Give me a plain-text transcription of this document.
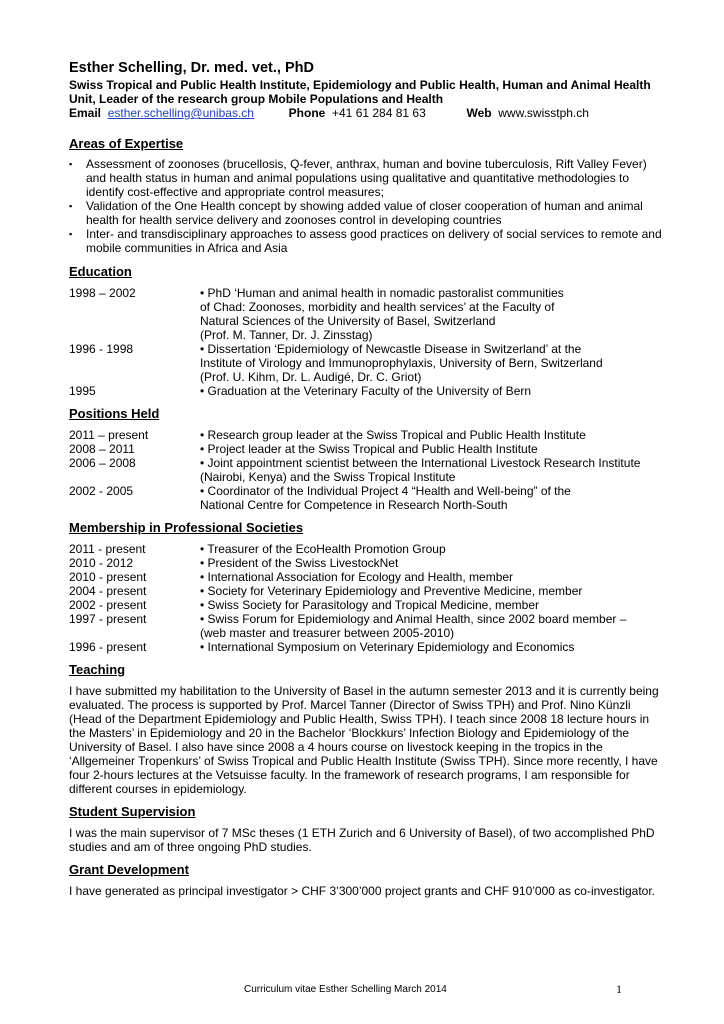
Esther Schelling, Dr. med. vet., PhD
Swiss Tropical and Public Health Institute, Epidemiology and Public Health, Human and Animal Health Unit, Leader of the research group Mobile Populations and Health
Email esther.schelling@unibas.ch	Phone +41 61 284 81 63	Web www.swisstph.ch
Areas of Expertise
▪ Assessment of zoonoses (brucellosis, Q-fever, anthrax, human and bovine tuberculosis, Rift Valley Fever) and health status in human and animal populations using qualitative and quantitative methodologies to identify cost-effective and appropriate control measures;
▪ Validation of the One Health concept by showing added value of closer cooperation of human and animal health for health service delivery and zoonoses control in developing countries
▪ Inter- and transdisciplinary approaches to assess good practices on delivery of social services to remote and mobile communities in Africa and Asia
Education
1998 – 2002	• PhD ‘Human and animal health in nomadic pastoralist communities
of Chad: Zoonoses, morbidity and health services’ at the Faculty of
Natural Sciences of the University of Basel, Switzerland
(Prof. M. Tanner, Dr. J. Zinsstag)
1996 - 1998	• Dissertation ‘Epidemiology of Newcastle Disease in Switzerland’ at the
Institute of Virology and Immunoprophylaxis, University of Bern, Switzerland
(Prof. U. Kihm, Dr. L. Audigé, Dr. C. Griot)
1995	• Graduation at the Veterinary Faculty of the University of Bern
Positions Held
2011 – present	• Research group leader at the Swiss Tropical and Public Health Institute
2008 – 2011	• Project leader at the Swiss Tropical and Public Health Institute
2006 – 2008	• Joint appointment scientist between the International Livestock Research Institute
(Nairobi, Kenya) and the Swiss Tropical Institute
2002 - 2005	• Coordinator of the Individual Project 4 “Health and Well-being” of the
National Centre for Competence in Research North-South
Membership in Professional Societies
2011 - present	• Treasurer of the EcoHealth Promotion Group
2010 - 2012	• President of the Swiss LivestockNet
2010 - present	• International Association for Ecology and Health, member
2004 - present	• Society for Veterinary Epidemiology and Preventive Medicine, member
2002 - present	• Swiss Society for Parasitology and Tropical Medicine, member
1997 - present	• Swiss Forum for Epidemiology and Animal Health, since 2002 board member –
(web master and treasurer between 2005-2010)
1996 - present	• International Symposium on Veterinary Epidemiology and Economics
Teaching
I have submitted my habilitation to the University of Basel in the autumn semester 2013 and it is currently being evaluated. The process is supported by Prof. Marcel Tanner (Director of Swiss TPH) and Prof. Nino Künzli (Head of the Department Epidemiology and Public Health, Swiss TPH). I teach since 2008 18 lecture hours in the Masters’ in Epidemiology and 20 in the Bachelor ‘Blockkurs’ Infection Biology and Epidemiology of the University of Basel. I also have since 2008 a 4 hours course on livestock keeping in the tropics in the ‘Allgemeiner Tropenkurs’ of Swiss Tropical and Public Health Institute (Swiss TPH). Since more recently, I have four 2-hours lectures at the Vetsuisse faculty. In the framework of research programs, I am responsible for different courses in epidemiology.
Student Supervision
I was the main supervisor of 7 MSc theses (1 ETH Zurich and 6 University of Basel), of two accomplished PhD studies and am of three ongoing PhD studies.
Grant Development
I have generated as principal investigator > CHF 3’300’000 project grants and CHF 910’000 as co-investigator.
Curriculum vitae Esther Schelling March 2014	1
